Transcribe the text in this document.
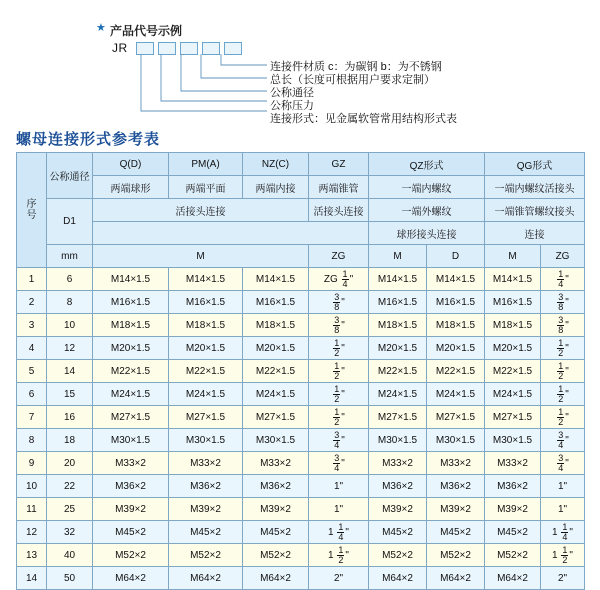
★ 产品代号示例
JR
连接件材质 c：为碳钢 b：为不锈钢
总长（长度可根据用户要求定制）
公称通径
公称压力
连接形式：见金属软管常用结构形式表
螺母连接形式参考表
序
号	公称通径	Q(D)	PM(A)	NZ(C)	GZ	QZ形式		QG形式	
		两端球形	两端平面	两端内接	两端锥管	一端内螺纹		一端内螺纹活接头	
	D1	活接头连接			活接头连接	一端外螺纹		一端锥管螺纹接头	
						球形接头连接		连接	
	mm	M			ZG	M	D	M	ZG
1	6	M14×1.5	M14×1.5	M14×1.5	ZG $\frac{1}{4}$ "	M14×1.5	M14×1.5	M14×1.5	$\frac{1}{4}$ "
2	8	M16×1.5	M16×1.5	M16×1.5	$\frac{3}{8}$ "	M16×1.5	M16×1.5	M16×1.5	$\frac{3}{8}$ "
3	10	M18×1.5	M18×1.5	M18×1.5	$\frac{3}{8}$ "	M18×1.5	M18×1.5	M18×1.5	$\frac{3}{8}$ "
4	12	M20×1.5	M20×1.5	M20×1.5	$\frac{1}{2}$ "	M20×1.5	M20×1.5	M20×1.5	$\frac{1}{2}$ "
5	14	M22×1.5	M22×1.5	M22×1.5	$\frac{1}{2}$ "	M22×1.5	M22×1.5	M22×1.5	$\frac{1}{2}$ "
6	15	M24×1.5	M24×1.5	M24×1.5	$\frac{1}{2}$ "	M24×1.5	M24×1.5	M24×1.5	$\frac{1}{2}$ "
7	16	M27×1.5	M27×1.5	M27×1.5	$\frac{1}{2}$ "	M27×1.5	M27×1.5	M27×1.5	$\frac{1}{2}$ "
8	18	M30×1.5	M30×1.5	M30×1.5	$\frac{3}{4}$ "	M30×1.5	M30×1.5	M30×1.5	$\frac{3}{4}$ "
9	20	M33×2	M33×2	M33×2	$\frac{3}{4}$ "	M33×2	M33×2	M33×2	$\frac{3}{4}$ "
10	22	M36×2	M36×2	M36×2	1"	M36×2	M36×2	M36×2	1"
11	25	M39×2	M39×2	M39×2	1"	M39×2	M39×2	M39×2	1"
12	32	M45×2	M45×2	M45×2	$1 \frac{1}{4}$ "	M45×2	M45×2	M45×2	$1 \frac{1}{4}$ "
13	40	M52×2	M52×2	M52×2	$1 \frac{1}{2}$ "	M52×2	M52×2	M52×2	$1 \frac{1}{2}$ "
14	50	M64×2	M64×2	M64×2	2"	M64×2	M64×2	M64×2	2"
